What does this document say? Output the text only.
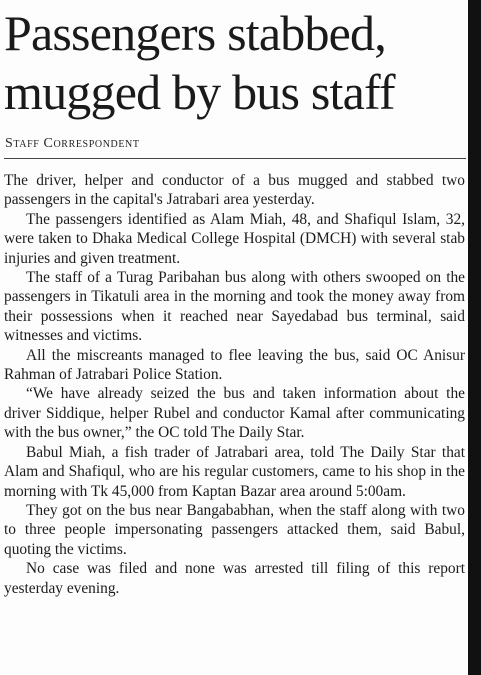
Passengers stabbed, mugged by bus staff
Staff Correspondent

The driver, helper and conductor of a bus mugged and stabbed two passengers in the capital's Jatrabari area yesterday.

The passengers identified as Alam Miah, 48, and Shafiqul Islam, 32, were taken to Dhaka Medical College Hospital (DMCH) with several stab injuries and given treatment.

The staff of a Turag Paribahan bus along with others swooped on the passengers in Tikatuli area in the morning and took the money away from their possessions when it reached near Sayedabad bus terminal, said witnesses and victims.

All the miscreants managed to flee leaving the bus, said OC Anisur Rahman of Jatrabari Police Station.

“We have already seized the bus and taken information about the driver Siddique, helper Rubel and conductor Kamal after communicating with the bus owner,” the OC told The Daily Star.

Babul Miah, a fish trader of Jatrabari area, told The Daily Star that Alam and Shafiqul, who are his regular customers, came to his shop in the morning with Tk 45,000 from Kaptan Bazar area around 5:00am.

They got on the bus near Bangababhan, when the staff along with two to three people impersonating passengers attacked them, said Babul, quoting the victims.

No case was filed and none was arrested till filing of this report yesterday evening.
